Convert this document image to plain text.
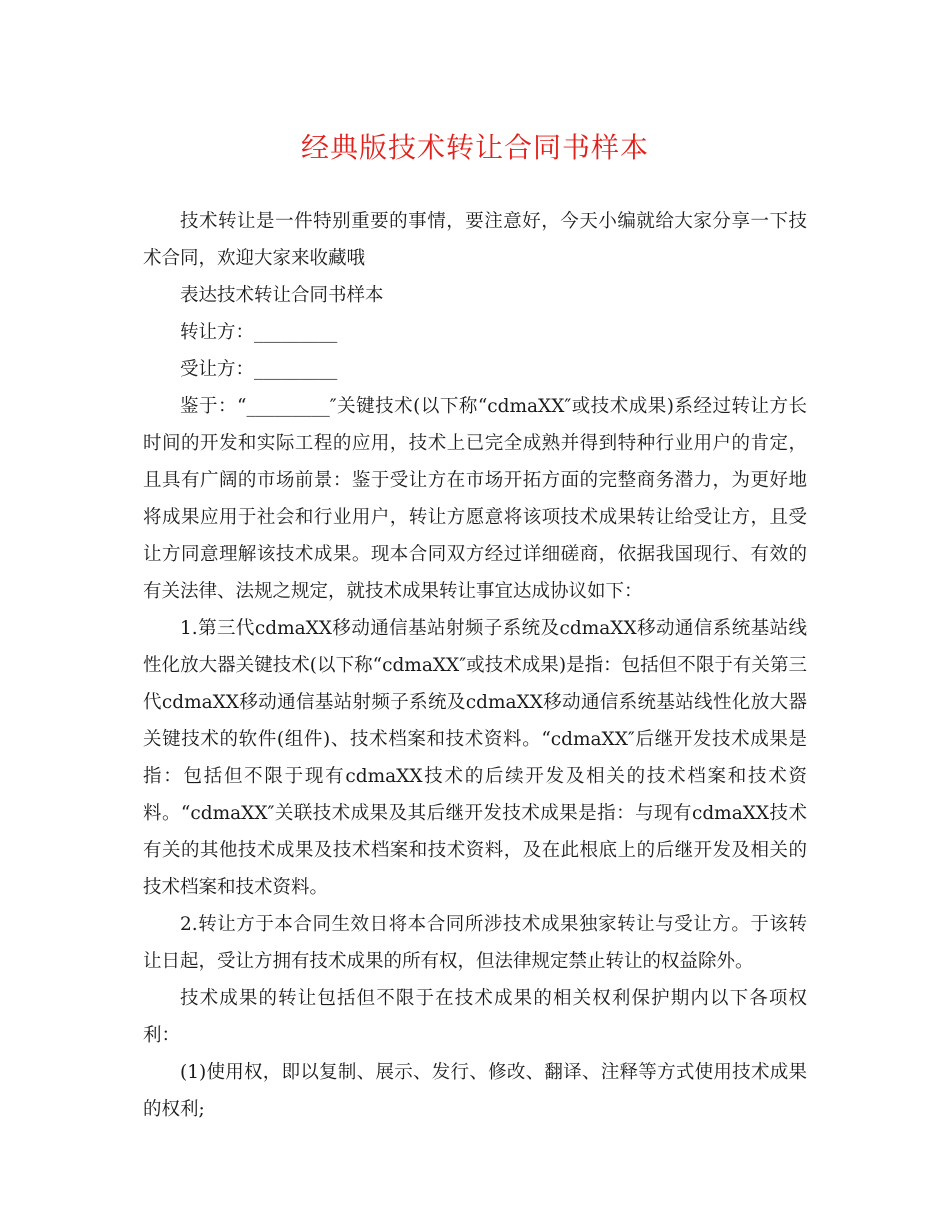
经典版技术转让合同书样本

技术转让是一件特别重要的事情，要注意好，今天小编就给大家分享一下技术合同，欢迎大家来收藏哦

表达技术转让合同书样本

转让方：_________

受让方：_________

鉴于：“_________″关键技术(以下称“cdmaXX″或技术成果)系经过转让方长时间的开发和实际工程的应用，技术上已完全成熟并得到特种行业用户的肯定，且具有广阔的市场前景：鉴于受让方在市场开拓方面的完整商务潜力，为更好地将成果应用于社会和行业用户，转让方愿意将该项技术成果转让给受让方，且受让方同意理解该技术成果。现本合同双方经过详细磋商，依据我国现行、有效的有关法律、法规之规定，就技术成果转让事宜达成协议如下：

1.第三代cdmaXX移动通信基站射频子系统及cdmaXX移动通信系统基站线性化放大器关键技术(以下称“cdmaXX″或技术成果)是指：包括但不限于有关第三代cdmaXX移动通信基站射频子系统及cdmaXX移动通信系统基站线性化放大器关键技术的软件(组件)、技术档案和技术资料。“cdmaXX″后继开发技术成果是指：包括但不限于现有cdmaXX技术的后续开发及相关的技术档案和技术资料。“cdmaXX″关联技术成果及其后继开发技术成果是指：与现有cdmaXX技术有关的其他技术成果及技术档案和技术资料，及在此根底上的后继开发及相关的技术档案和技术资料。

2.转让方于本合同生效日将本合同所涉技术成果独家转让与受让方。于该转让日起，受让方拥有技术成果的所有权，但法律规定禁止转让的权益除外。

技术成果的转让包括但不限于在技术成果的相关权利保护期内以下各项权利：

(1)使用权，即以复制、展示、发行、修改、翻译、注释等方式使用技术成果的权利;
